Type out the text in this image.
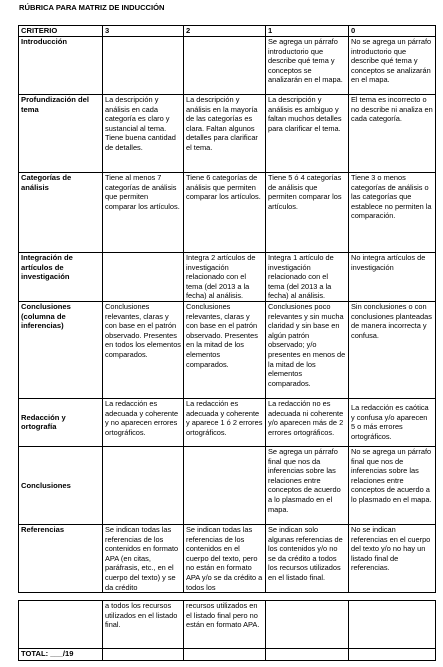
RÚBRICA PARA MATRIZ DE INDUCCIÓN
CRITERIO	3	2	1	0
Introducción			Se agrega un párrafo introductorio que describe qué tema y conceptos se analizarán en el mapa.	No se agrega un párrafo introductorio que describe qué tema y conceptos se analizarán en el mapa.
Profundización del tema	La descripción y análisis en cada categoría es claro y sustancial al tema. Tiene buena cantidad de detalles.	La descripción y análisis en la mayoría de las categorías es clara. Faltan algunos detalles para clarificar el tema.	La descripción y análisis es ambiguo y faltan muchos detalles para clarificar el tema.	El tema es incorrecto o no describe ni analiza en cada categoría.
Categorías de análisis	Tiene al menos 7 categorías de análisis que permiten comparar los artículos.	Tiene 6 categorías de análisis que permiten comparar los artículos.	Tiene 5 ó 4 categorías de análisis que permiten comparar los artículos.	Tiene 3 o menos categorías de análisis o las categorías que establece no permiten la comparación.
Integración de artículos de investigación		Integra 2 artículos de investigación relacionado con el tema (del 2013 a la fecha) al análisis.	Integra 1 artículo de investigación relacionado con el tema (del 2013 a la fecha) al análisis.	No integra artículos de investigación
Conclusiones (columna de inferencias)	Conclusiones relevantes, claras y con base en el patrón observado. Presentes en todos los elementos comparados.	Conclusiones relevantes, claras y con base en el patrón observado. Presentes en la mitad de los elementos comparados.	Conclusiones poco relevantes y sin mucha claridad y sin base en algún patrón observado; y/o presentes en menos de la mitad de los elementos comparados.	Sin conclusiones o con conclusiones planteadas de manera incorrecta y confusa.
Redacción y ortografía	La redacción es adecuada y coherente y no aparecen errores ortográficos.	La redacción es adecuada y coherente y aparece 1 ó 2 errores ortográficos.	La redacción no es adecuada ni coherente y/o aparecen más de 2 errores ortográficos.	La redacción es caótica y confusa y/o aparecen 5 o más errores ortográficos.
Conclusiones			Se agrega un párrafo final que nos da inferencias sobre las relaciones entre conceptos de acuerdo a lo plasmado en el mapa.	No se agrega un párrafo final que nos de inferencias sobre las relaciones entre conceptos de acuerdo a lo plasmado en el mapa.
Referencias	Se indican todas las referencias de los contenidos en formato APA (en citas, paráfrasis, etc., en el cuerpo del texto) y se da crédito	Se indican todas las referencias de los contenidos en el cuerpo del texto, pero no están en formato APA y/o se da crédito a todos los	Se indican solo algunas referencias de los contenidos y/o no se da crédito a todos los recursos utilizados en el listado final.	No se indican referencias en el cuerpo del texto y/o no hay un listado final de referencias.
	a todos los recursos utilizados en el listado final.	recursos utilizados en el listado final pero no están en formato APA.		
TOTAL: ___/19				
